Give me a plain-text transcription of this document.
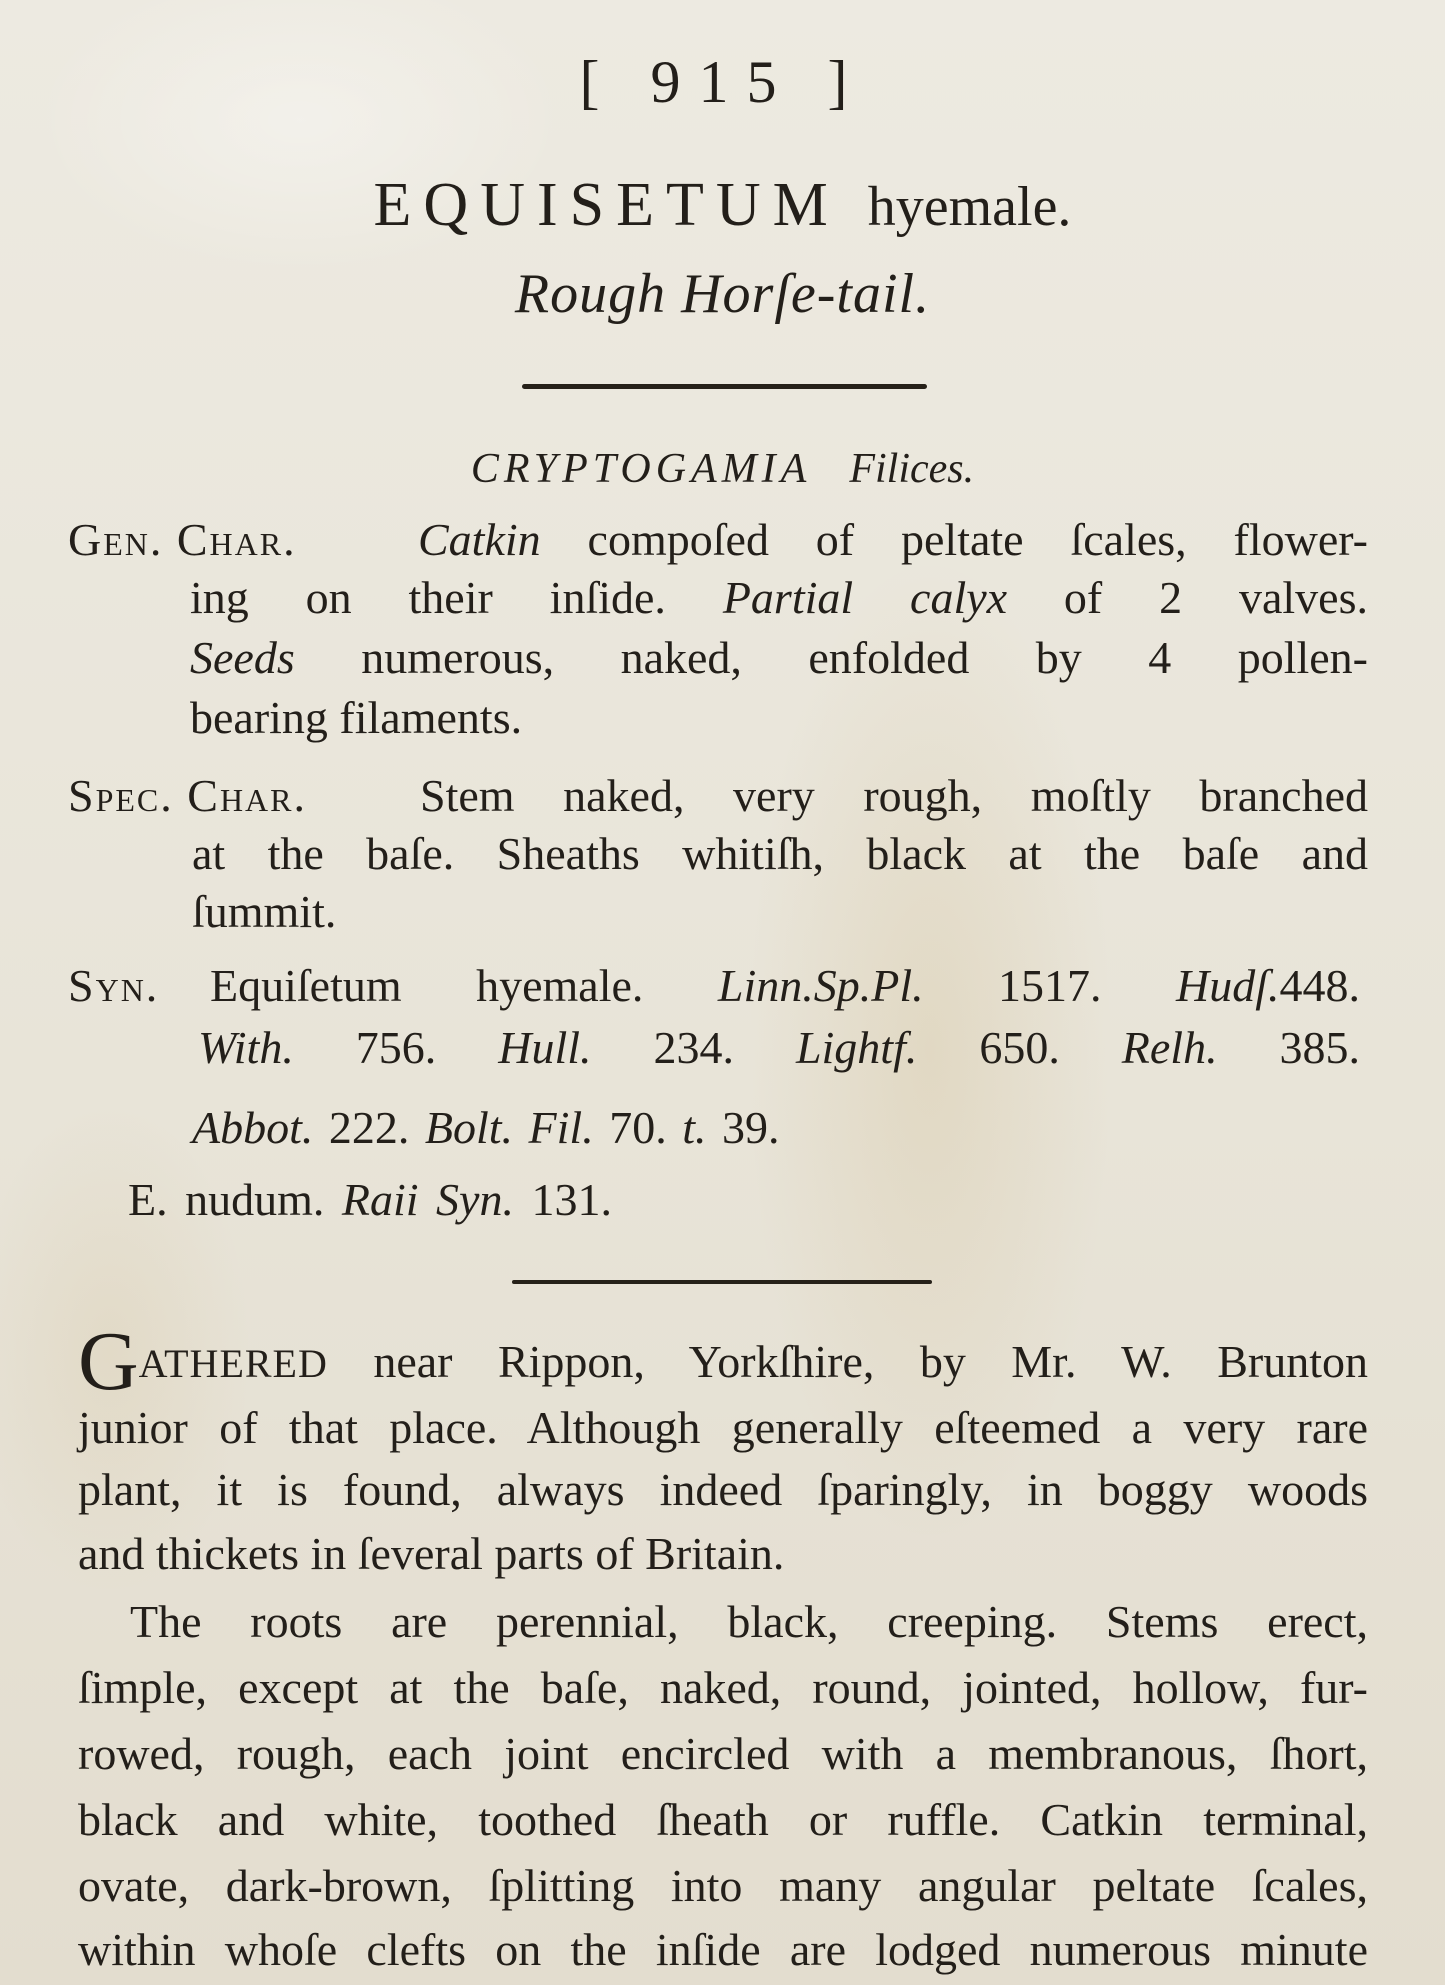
[ 915 ]
EQUISETUM hyemale.
Rough Horſe-tail.
CRYPTOGAMIA Filices.
Gen. Char.	Catkin compoſed of peltate ſcales, flower-
ing on their inſide. Partial calyx of 2 valves.
Seeds numerous, naked, enfolded by 4 pollen-
bearing filaments.
Spec. Char. Stem naked, very rough, moſtly branched
at the baſe. Sheaths whitiſh, black at the baſe and
ſummit.
Syn. Equiſetum hyemale. Linn.Sp.Pl. 1517. Hudſ.448.
With. 756. Hull. 234. Lightf. 650. Relh. 385.
Abbot. 222. Bolt. Fil. 70. t. 39.
E. nudum. Raii Syn. 131.
GATHERED near Rippon, Yorkſhire, by Mr. W. Brunton
junior of that place. Although generally eſteemed a very rare
plant, it is found, always indeed ſparingly, in boggy woods
and thickets in ſeveral parts of Britain.
The roots are perennial, black, creeping. Stems erect,
ſimple, except at the baſe, naked, round, jointed, hollow, fur-
rowed, rough, each joint encircled with a membranous, ſhort,
black and white, toothed ſheath or ruffle. Catkin terminal,
ovate, dark-brown, ſplitting into many angular peltate ſcales,
within whoſe clefts on the inſide are lodged numerous minute
